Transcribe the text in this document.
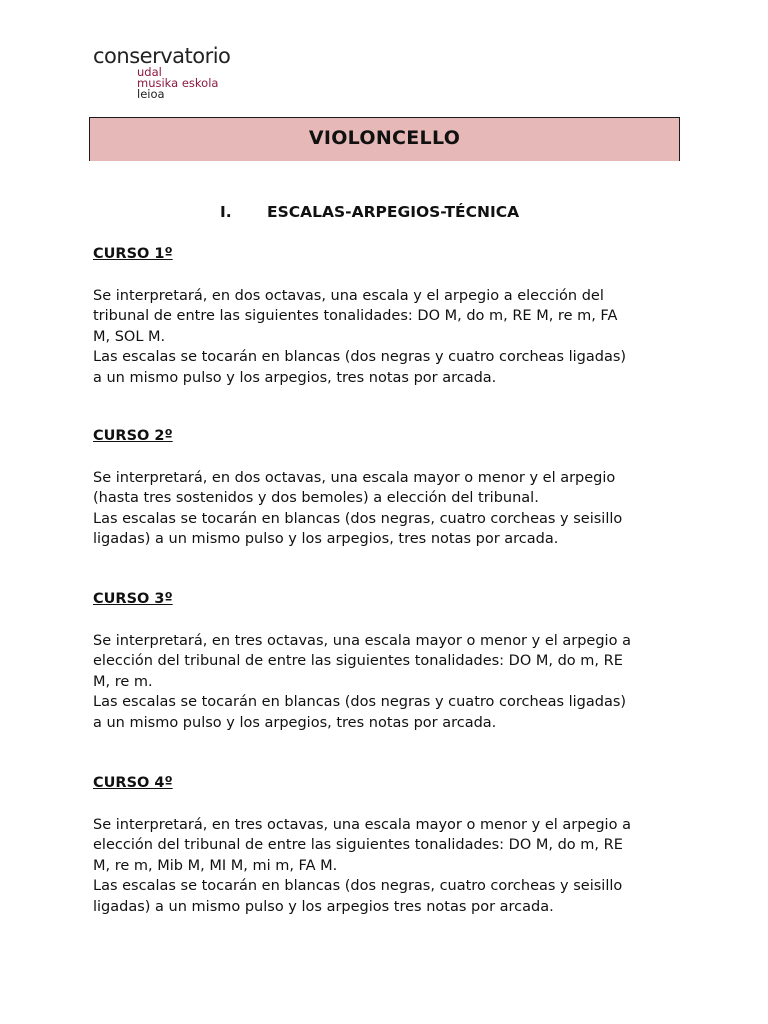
conservatorio
udal
musika eskola
leioa
VIOLONCELLO
I. ESCALAS-ARPEGIOS-TÉCNICA
CURSO 1º
Se interpretará, en dos octavas, una escala y el arpegio a elección del
tribunal de entre las siguientes tonalidades: DO M, do m, RE M, re m, FA
M, SOL M.
Las escalas se tocarán en blancas (dos negras y cuatro corcheas ligadas)
a un mismo pulso y los arpegios, tres notas por arcada.
CURSO 2º
Se interpretará, en dos octavas, una escala mayor o menor y el arpegio
(hasta tres sostenidos y dos bemoles) a elección del tribunal.
Las escalas se tocarán en blancas (dos negras, cuatro corcheas y seisillo
ligadas) a un mismo pulso y los arpegios, tres notas por arcada.
CURSO 3º
Se interpretará, en tres octavas, una escala mayor o menor y el arpegio a
elección del tribunal de entre las siguientes tonalidades: DO M, do m, RE
M, re m.
Las escalas se tocarán en blancas (dos negras y cuatro corcheas ligadas)
a un mismo pulso y los arpegios, tres notas por arcada.
CURSO 4º
Se interpretará, en tres octavas, una escala mayor o menor y el arpegio a
elección del tribunal de entre las siguientes tonalidades: DO M, do m, RE
M, re m, Mib M, MI M, mi m, FA M.
Las escalas se tocarán en blancas (dos negras, cuatro corcheas y seisillo
ligadas) a un mismo pulso y los arpegios tres notas por arcada.
